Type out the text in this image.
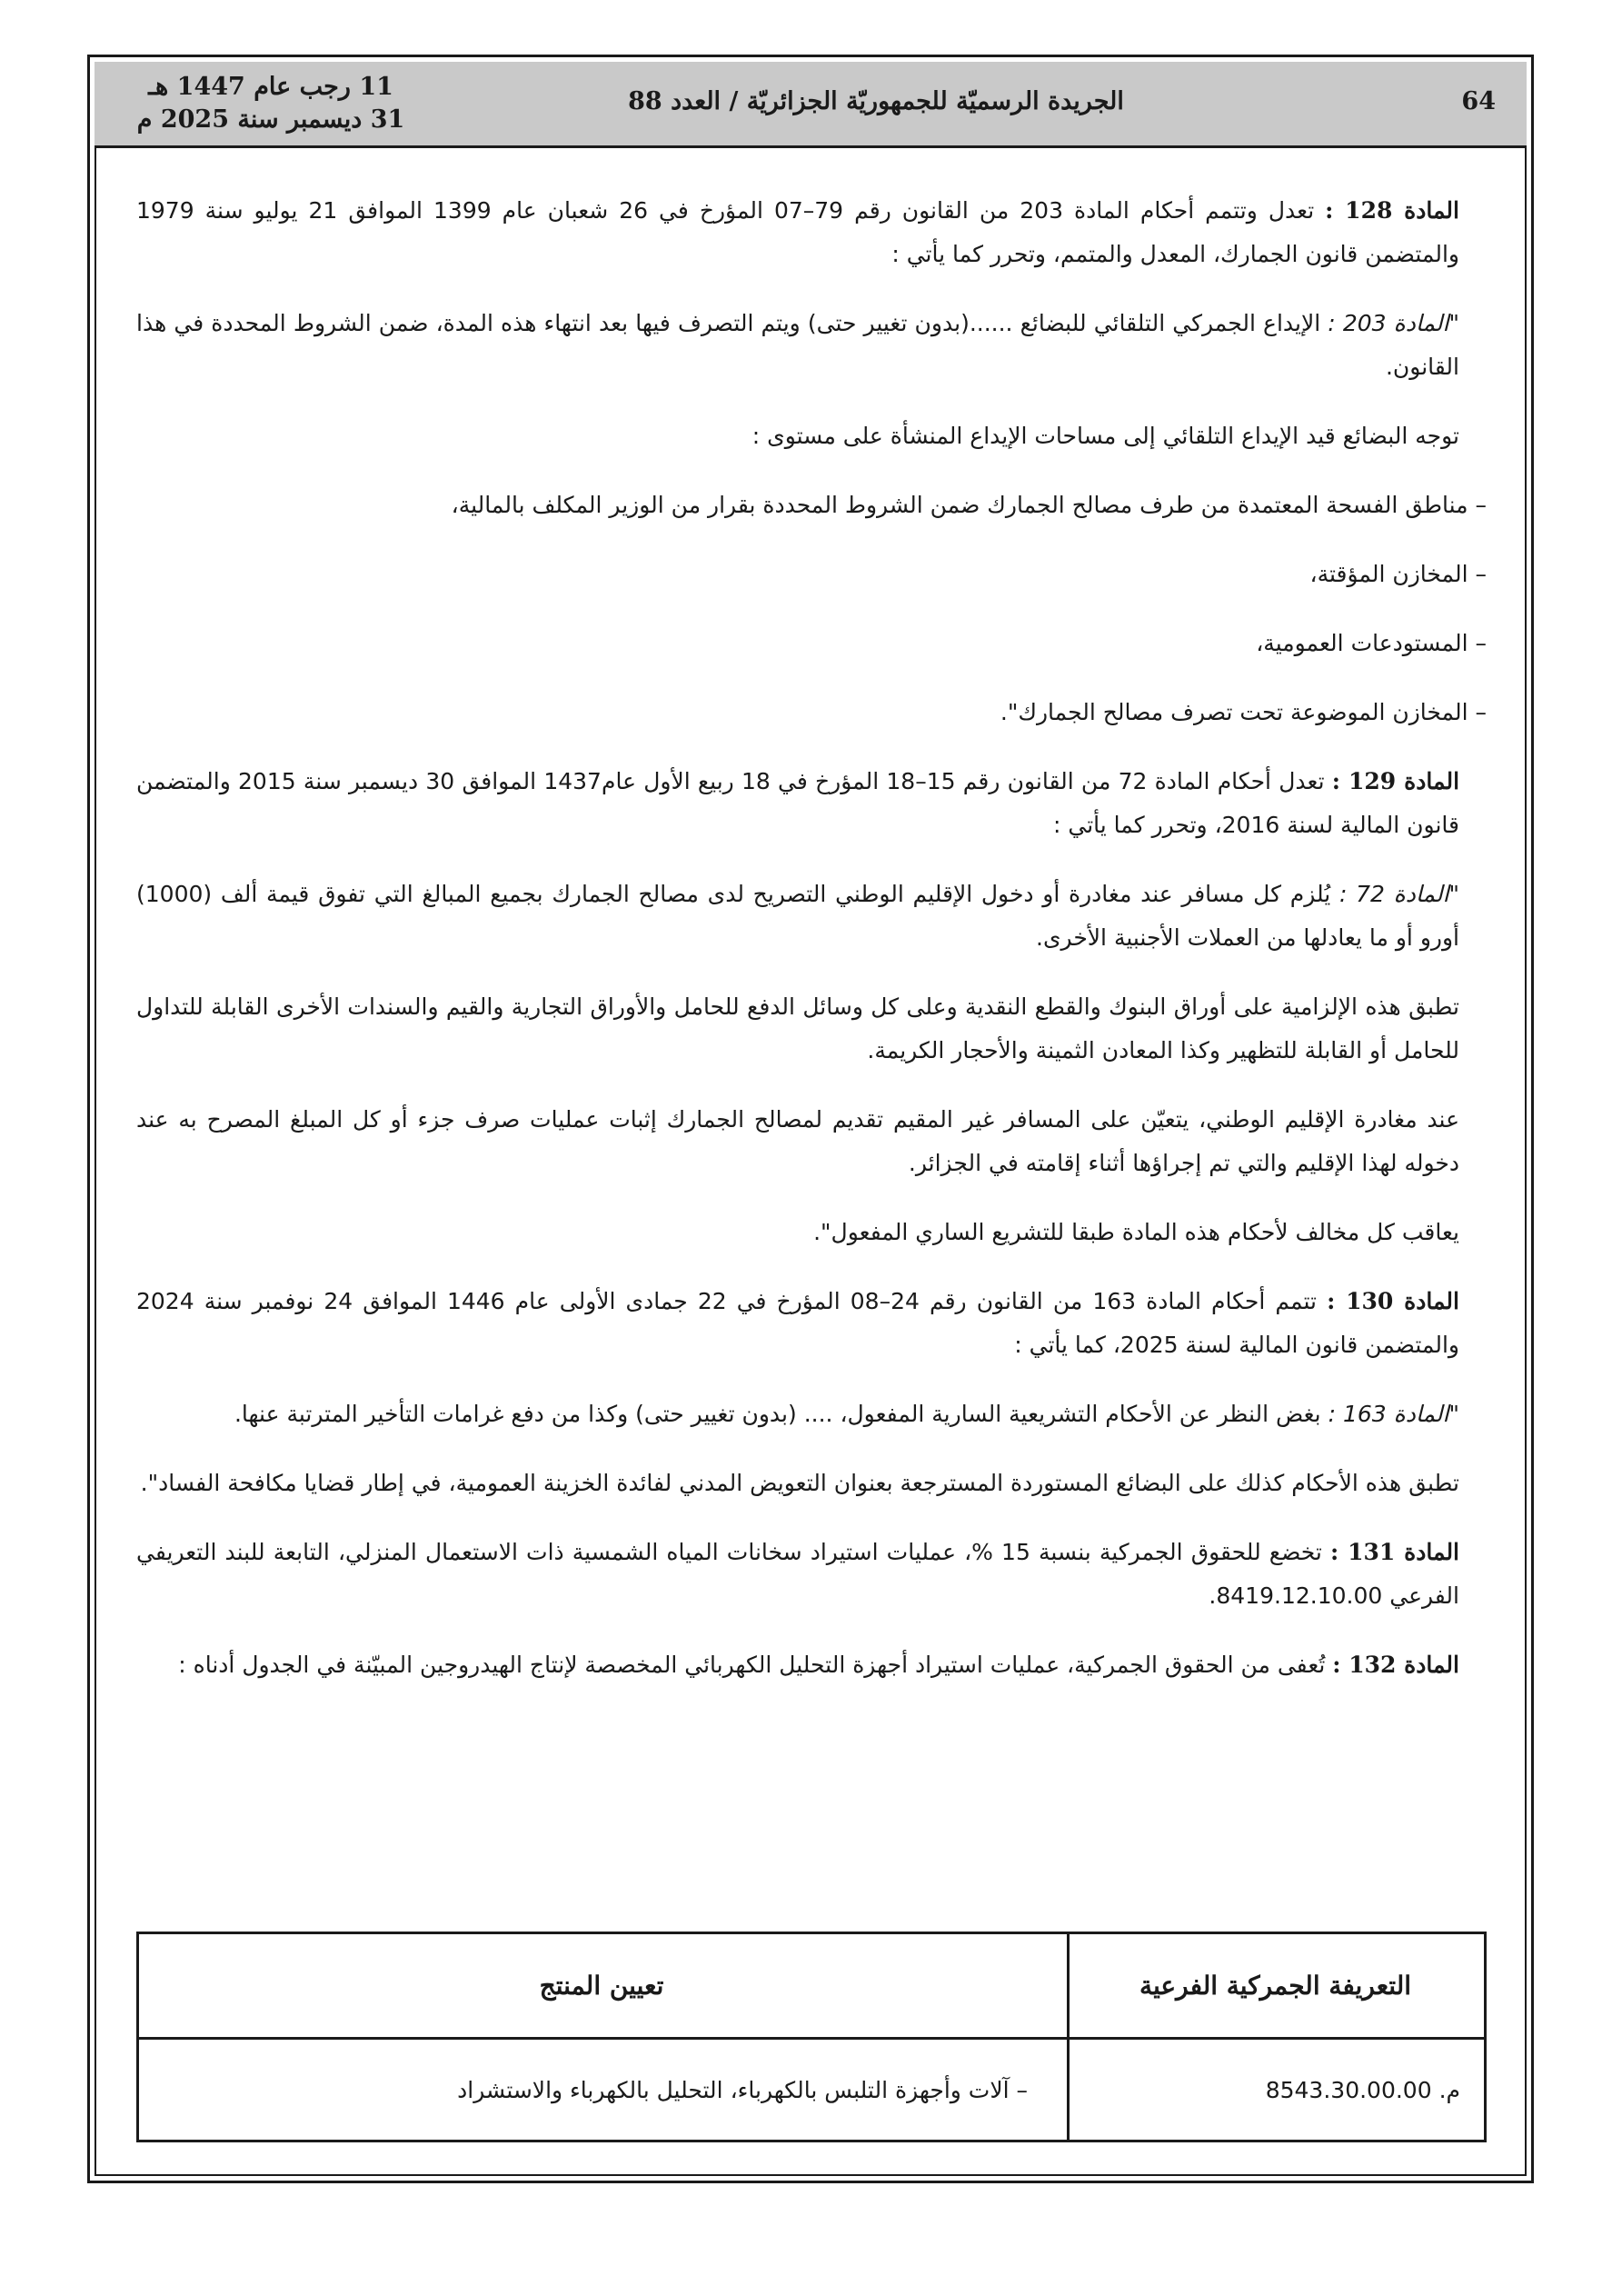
11 رجب عام 1447 هـ
31 ديسمبر سنة 2025 م
الجريدة الرسميّة للجمهوريّة الجزائريّة / العدد 88	64

المادة 128 : تعدل وتتمم أحكام المادة 203 من القانون رقم 79–07 المؤرخ في 26 شعبان عام 1399 الموافق 21 يوليو سنة 1979 والمتضمن قانون الجمارك، المعدل والمتمم، وتحرر كما يأتي :

"المادة 203 : الإيداع الجمركي التلقائي للبضائع ......(بدون تغيير حتى) ويتم التصرف فيها بعد انتهاء هذه المدة، ضمن الشروط المحددة في هذا القانون.

توجه البضائع قيد الإيداع التلقائي إلى مساحات الإيداع المنشأة على مستوى :

– مناطق الفسحة المعتمدة من طرف مصالح الجمارك ضمن الشروط المحددة بقرار من الوزير المكلف بالمالية،

– المخازن المؤقتة،

– المستودعات العمومية،

– المخازن الموضوعة تحت تصرف مصالح الجمارك".

المادة 129 : تعدل أحكام المادة 72 من القانون رقم 15–18 المؤرخ في 18 ربيع الأول عام1437 الموافق 30 ديسمبر سنة 2015 والمتضمن قانون المالية لسنة 2016، وتحرر كما يأتي :

"المادة 72 : يُلزم كل مسافر عند مغادرة أو دخول الإقليم الوطني التصريح لدى مصالح الجمارك بجميع المبالغ التي تفوق قيمة ألف (1000) أورو أو ما يعادلها من العملات الأجنبية الأخرى.

تطبق هذه الإلزامية على أوراق البنوك والقطع النقدية وعلى كل وسائل الدفع للحامل والأوراق التجارية والقيم والسندات الأخرى القابلة للتداول للحامل أو القابلة للتظهير وكذا المعادن الثمينة والأحجار الكريمة.

عند مغادرة الإقليم الوطني، يتعيّن على المسافر غير المقيم تقديم لمصالح الجمارك إثبات عمليات صرف جزء أو كل المبلغ المصرح به عند دخوله لهذا الإقليم والتي تم إجراؤها أثناء إقامته في الجزائر.

يعاقب كل مخالف لأحكام هذه المادة طبقا للتشريع الساري المفعول".

المادة 130 : تتمم أحكام المادة 163 من القانون رقم 24–08 المؤرخ في 22 جمادى الأولى عام 1446 الموافق 24 نوفمبر سنة 2024 والمتضمن قانون المالية لسنة 2025، كما يأتي :

"المادة 163 : بغض النظر عن الأحكام التشريعية السارية المفعول، .... (بدون تغيير حتى) وكذا من دفع غرامات التأخير المترتبة عنها.

تطبق هذه الأحكام كذلك على البضائع المستوردة المسترجعة بعنوان التعويض المدني لفائدة الخزينة العمومية، في إطار قضايا مكافحة الفساد".

المادة 131 : تخضع للحقوق الجمركية بنسبة 15 %، عمليات استيراد سخانات المياه الشمسية ذات الاستعمال المنزلي، التابعة للبند التعريفي الفرعي 8419.12.10.00.

المادة 132 : تُعفى من الحقوق الجمركية، عمليات استيراد أجهزة التحليل الكهربائي المخصصة لإنتاج الهيدروجين المبيّنة في الجدول أدناه :

التعريفة الجمركية الفرعية
تعيين المنتج
م. 8543.30.00.00
– آلات وأجهزة التلبس بالكهرباء، التحليل بالكهرباء والاستشراد
